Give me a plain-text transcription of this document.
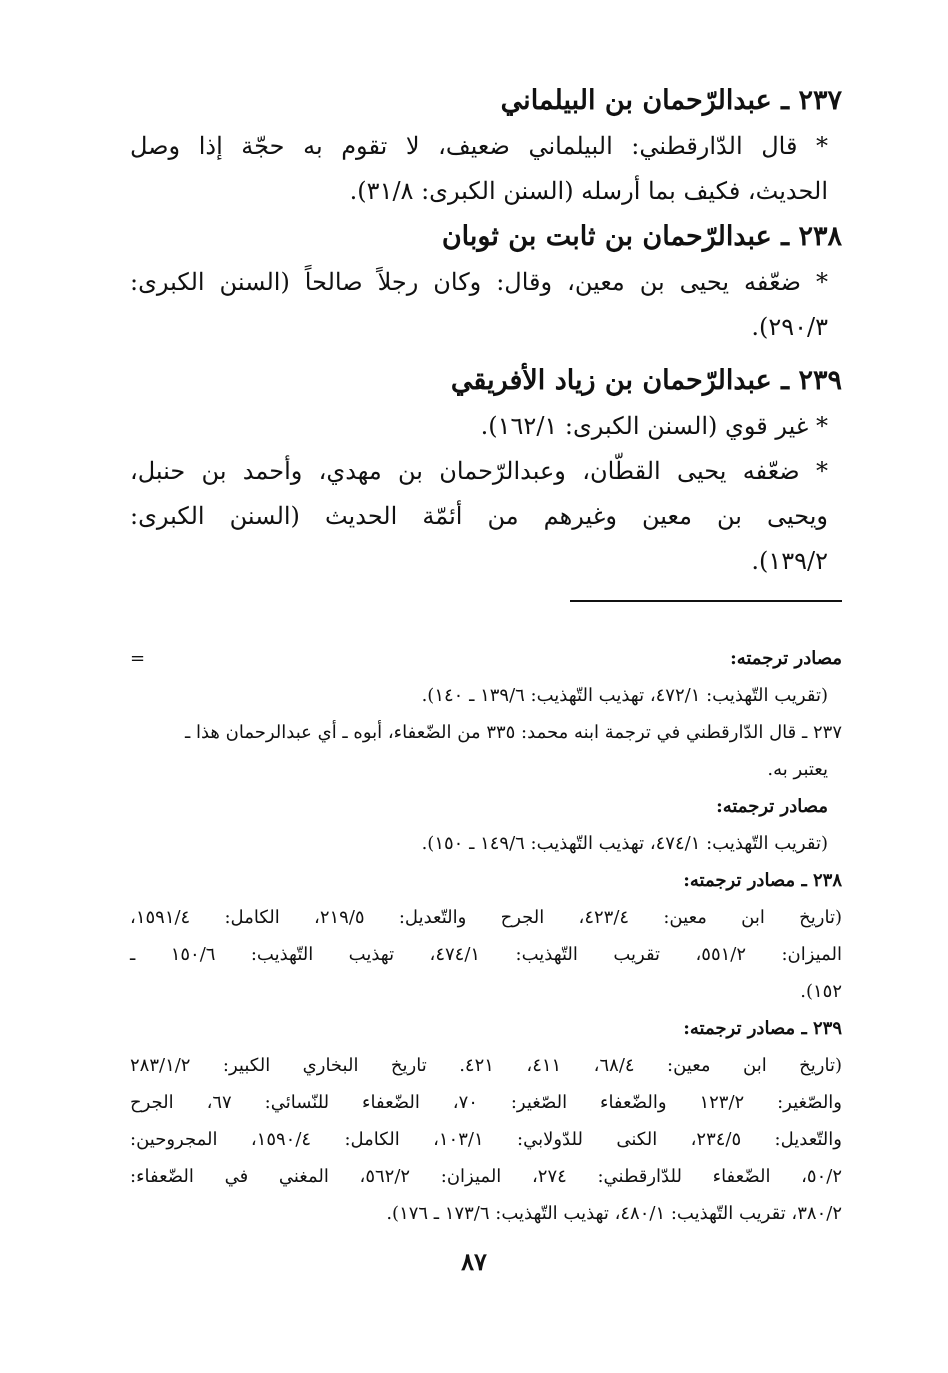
٢٣٧ ـ عبدالرّحمان بن البيلماني
* قال الدّارقطني: البيلماني ضعيف، لا تقوم به حجّة إذا وصل
الحديث، فكيف بما أرسله (السنن الكبرى: ٣١/٨).
٢٣٨ ـ عبدالرّحمان بن ثابت بن ثوبان
* ضعّفه يحيى بن معين، وقال: وكان رجلاً صالحاً (السنن الكبرى:
٢٩٠/٣).
٢٣٩ ـ عبدالرّحمان بن زياد الأفريقي
* غير قوي (السنن الكبرى: ١٦٢/١).
* ضعّفه يحيى القطّان، وعبدالرّحمان بن مهدي، وأحمد بن حنبل،
ويحيى بن معين وغيرهم من أئمّة الحديث (السنن الكبرى:
١٣٩/٢).
مصادر ترجمته:
=
(تقريب التّهذيب: ٤٧٢/١، تهذيب التّهذيب: ١٣٩/٦ ـ ١٤٠).
٢٣٧ ـ قال الدّارقطني في ترجمة ابنه محمد: ٣٣٥ من الضّعفاء، أبوه ـ أي عبدالرحمان هذا ـ
يعتبر به.
مصادر ترجمته:
(تقريب التّهذيب: ٤٧٤/١، تهذيب التّهذيب: ١٤٩/٦ ـ ١٥٠).
٢٣٨ ـ مصادر ترجمته:
(تاريخ ابن معين: ٤٢٣/٤، الجرح والتّعديل: ٢١٩/٥، الكامل: ١٥٩١/٤،
الميزان: ٥٥١/٢، تقريب التّهذيب: ٤٧٤/١، تهذيب التّهذيب: ١٥٠/٦ ـ
١٥٢).
٢٣٩ ـ مصادر ترجمته:
(تاريخ ابن معين: ٦٨/٤، ٤١١، ٤٢١. تاريخ البخاري الكبير: ٢٨٣/١/٢
والصّغير: ١٢٣/٢ والضّعفاء الصّغير: ٧٠، الضّعفاء للنّسائي: ٦٧، الجرح
والتّعديل: ٢٣٤/٥، الكنى للدّولابي: ١٠٣/١، الكامل: ١٥٩٠/٤، المجروحين:
٥٠/٢، الضّعفاء للدّارقطني: ٢٧٤، الميزان: ٥٦٢/٢، المغني في الضّعفاء:
٣٨٠/٢، تقريب التّهذيب: ٤٨٠/١، تهذيب التّهذيب: ١٧٣/٦ ـ ١٧٦).
٨٧
